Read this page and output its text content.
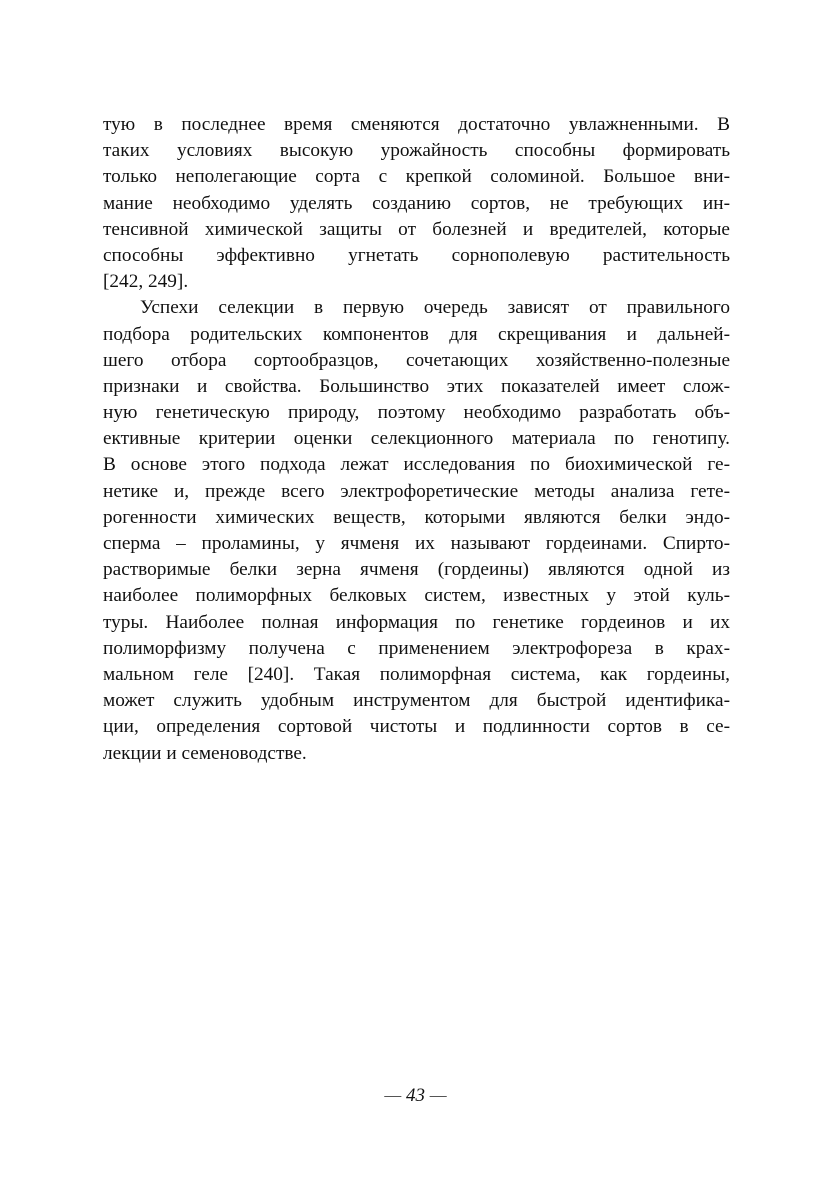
тую в последнее время сменяются достаточно увлажненными. В
таких условиях высокую урожайность способны формировать
только неполегающие сорта с крепкой соломиной. Большое вни-
мание необходимо уделять созданию сортов, не требующих ин-
тенсивной химической защиты от болезней и вредителей, которые
способны эффективно угнетать сорнополевую растительность
[242, 249].
Успехи селекции в первую очередь зависят от правильного
подбора родительских компонентов для скрещивания и дальней-
шего отбора сортообразцов, сочетающих хозяйственно-полезные
признаки и свойства. Большинство этих показателей имеет слож-
ную генетическую природу, поэтому необходимо разработать объ-
ективные критерии оценки селекционного материала по генотипу.
В основе этого подхода лежат исследования по биохимической ге-
нетике и, прежде всего электрофоретические методы анализа гете-
рогенности химических веществ, которыми являются белки эндо-
сперма – проламины, у ячменя их называют гордеинами. Спирто-
растворимые белки зерна ячменя (гордеины) являются одной из
наиболее полиморфных белковых систем, известных у этой куль-
туры. Наиболее полная информация по генетике гордеинов и их
полиморфизму получена с применением электрофореза в крах-
мальном геле [240]. Такая полиморфная система, как гордеины,
может служить удобным инструментом для быстрой идентифика-
ции, определения сортовой чистоты и подлинности сортов в се-
лекции и семеноводстве.
— 43 —
